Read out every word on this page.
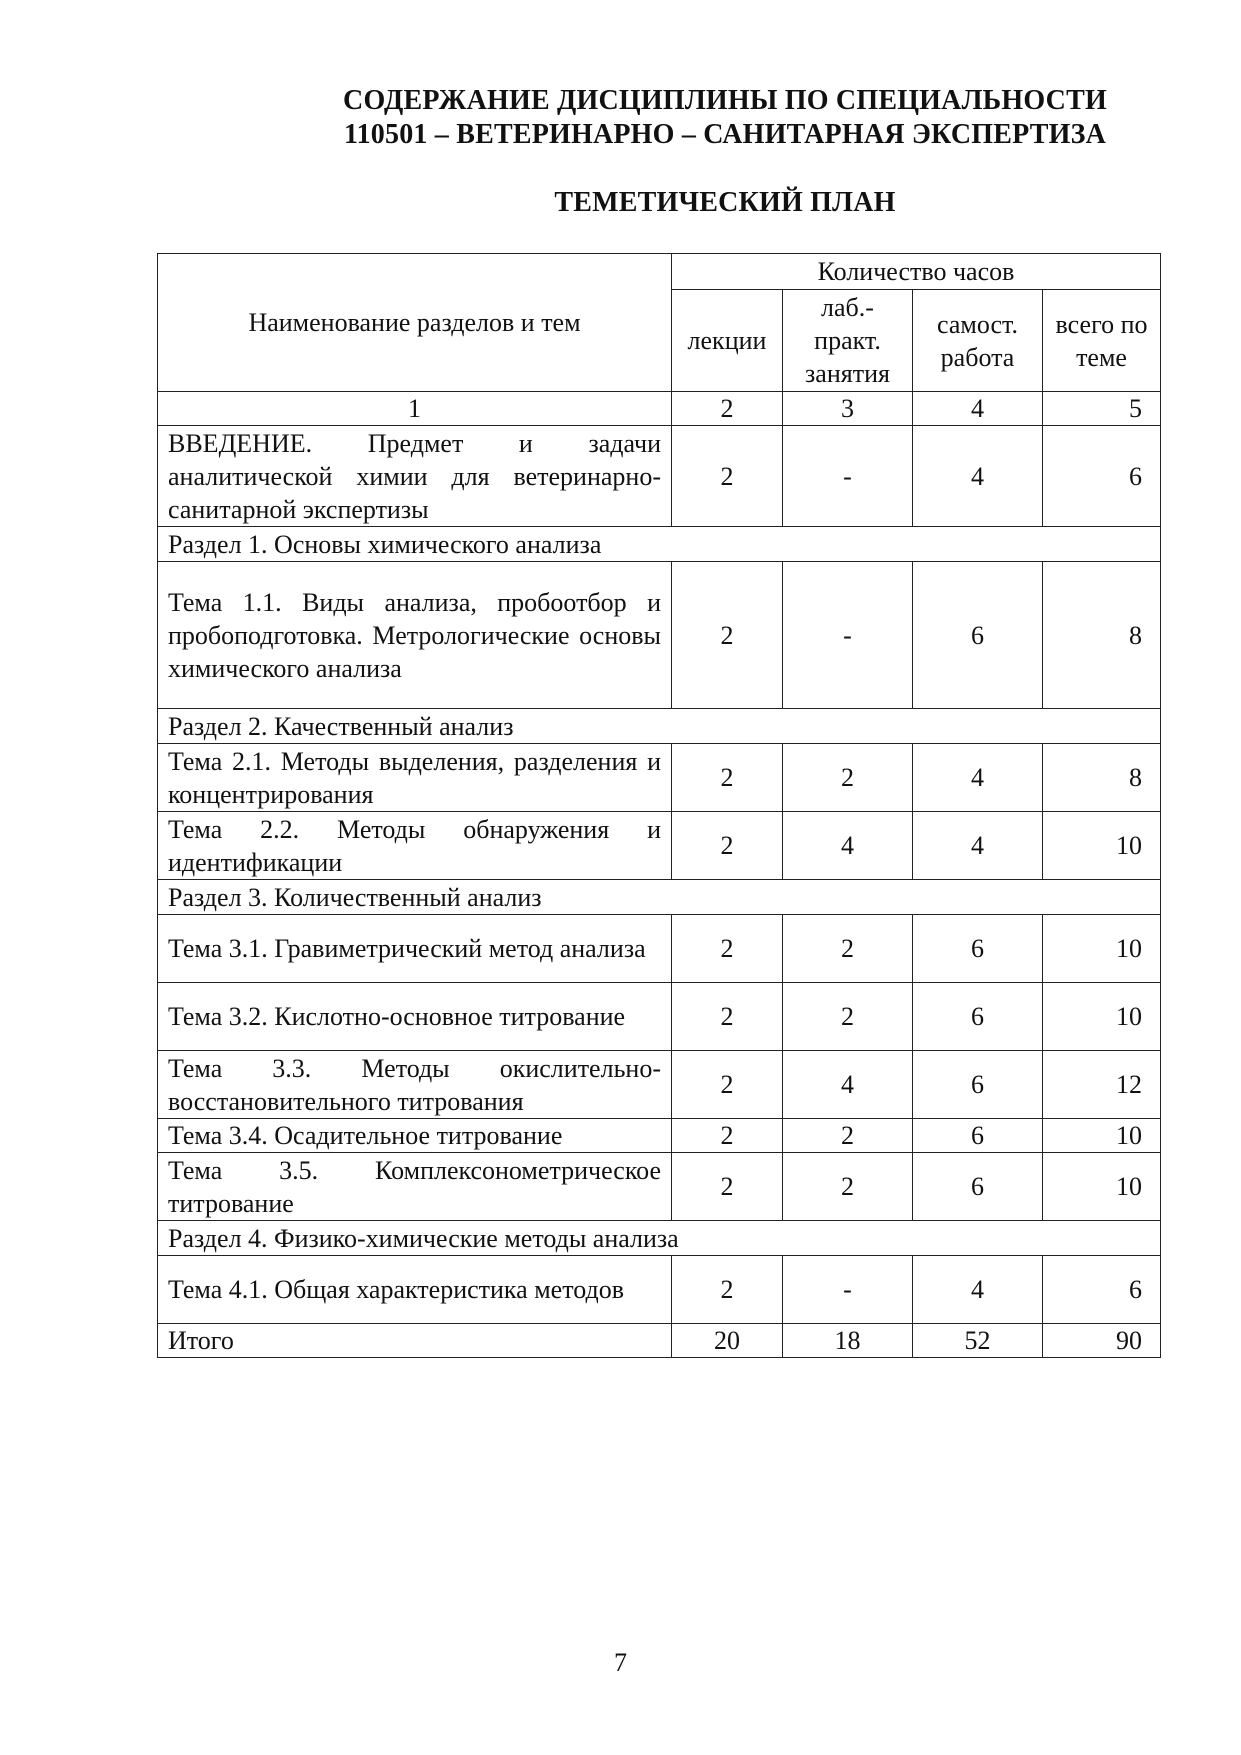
СОДЕРЖАНИЕ ДИСЦИПЛИНЫ ПО СПЕЦИАЛЬНОСТИ
110501 – ВЕТЕРИНАРНО – САНИТАРНАЯ ЭКСПЕРТИЗА
ТЕМЕТИЧЕСКИЙ ПЛАН
Наименование разделов и тем	Количество часов			
	лекции	лаб.-практ. занятия	самост. работа	всего по теме
1	2	3	4	5
ВВЕДЕНИЕ. Предмет и задачи аналитической химии для ветеринарно-санитарной экспертизы	2	-	4	6
Раздел 1. Основы химического анализа				
Тема 1.1. Виды анализа, пробоотбор и пробоподготовка. Метрологические основы химического анализа	2	-	6	8
Раздел 2. Качественный анализ				
Тема 2.1. Методы выделения, разделения и концентрирования	2	2	4	8
Тема 2.2. Методы обнаружения и идентификации	2	4	4	10
Раздел 3. Количественный анализ				
Тема 3.1. Гравиметрический метод анализа	2	2	6	10
Тема 3.2. Кислотно-основное титрование	2	2	6	10
Тема 3.3. Методы окислительно-восстановительного титрования	2	4	6	12
Тема 3.4. Осадительное титрование	2	2	6	10
Тема 3.5. Комплексонометрическое титрование	2	2	6	10
Раздел 4. Физико-химические методы анализа				
Тема 4.1. Общая характеристика методов	2	-	4	6
Итого	20	18	52	90
7
